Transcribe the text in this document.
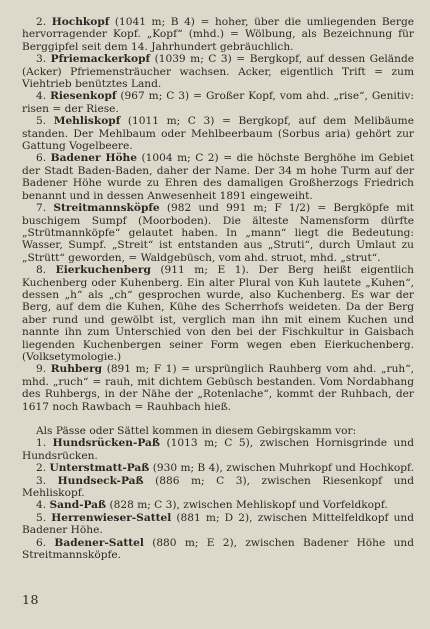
2. Hochkopf (1041 m; B 4) = hoher, über die umliegenden Berge hervorragender Kopf. „Kopf“ (mhd.) = Wölbung, als Bezeichnung für Berggipfel seit dem 14. Jahrhundert gebräuchlich.

3. Pfriemackerkopf (1039 m; C 3) = Bergkopf, auf dessen Gelände (Acker) Pfriemensträucher wachsen. Acker, eigentlich Trift = zum Viehtrieb benütztes Land.

4. Riesenkopf (967 m; C 3) = Großer Kopf, vom ahd. „rise“, Genitiv: risen = der Riese.

5. Mehliskopf (1011 m; C 3) = Bergkopf, auf dem Melibäume standen. Der Mehlbaum oder Mehlbeerbaum (Sorbus aria) gehört zur Gattung Vogelbeere.

6. Badener Höhe (1004 m; C 2) = die höchste Berghöhe im Gebiet der Stadt Baden-Baden, daher der Name. Der 34 m hohe Turm auf der Badener Höhe wurde zu Ehren des damaligen Großherzogs Friedrich benannt und in dessen Anwesenheit 1891 eingeweiht.

7. Streitmannsköpfe (982 und 991 m; F 1/2) = Bergköpfe mit buschigem Sumpf (Moorboden). Die älteste Namensform dürfte „Strütmannköpfe“ gelautet haben. In „mann“ liegt die Bedeutung: Wasser, Sumpf. „Streit“ ist entstanden aus „Struti“, durch Umlaut zu „Strütt“ geworden, = Waldgebüsch, vom ahd. struot, mhd. „strut“.

8. Eierkuchenberg (911 m; E 1). Der Berg heißt eigentlich Kuchenberg oder Kuhenberg. Ein alter Plural von Kuh lautete „Kuhen“, dessen „h“ als „ch“ gesprochen wurde, also Kuchenberg. Es war der Berg, auf dem die Kuhen, Kühe des Scherrhofs weideten. Da der Berg aber rund und gewölbt ist, verglich man ihn mit einem Kuchen und nannte ihn zum Unterschied von den bei der Fischkultur in Gaisbach liegenden Kuchenbergen seiner Form wegen eben Eierkuchenberg. (Volksetymologie.)

9. Ruhberg (891 m; F 1) = ursprünglich Rauhberg vom ahd. „ruh“, mhd. „ruch“ = rauh, mit dichtem Gebüsch bestanden. Vom Nordabhang des Ruhbergs, in der Nähe der „Rotenlache“, kommt der Ruhbach, der 1617 noch Rawbach = Rauhbach hieß.

Als Pässe oder Sättel kommen in diesem Gebirgskamm vor:

1. Hundsrücken-Paß (1013 m; C 5), zwischen Hornisgrinde und Hundsrücken.

2. Unterstmatt-Paß (930 m; B 4), zwischen Muhrkopf und Hochkopf.

3. Hundseck-Paß (886 m; C 3), zwischen Riesenkopf und Mehliskopf.

4. Sand-Paß (828 m; C 3), zwischen Mehliskopf und Vorfeldkopf.

5. Herrenwieser-Sattel (881 m; D 2), zwischen Mittelfeldkopf und Badener Höhe.

6. Badener-Sattel (880 m; E 2), zwischen Badener Höhe und Streitmannsköpfe.

18
